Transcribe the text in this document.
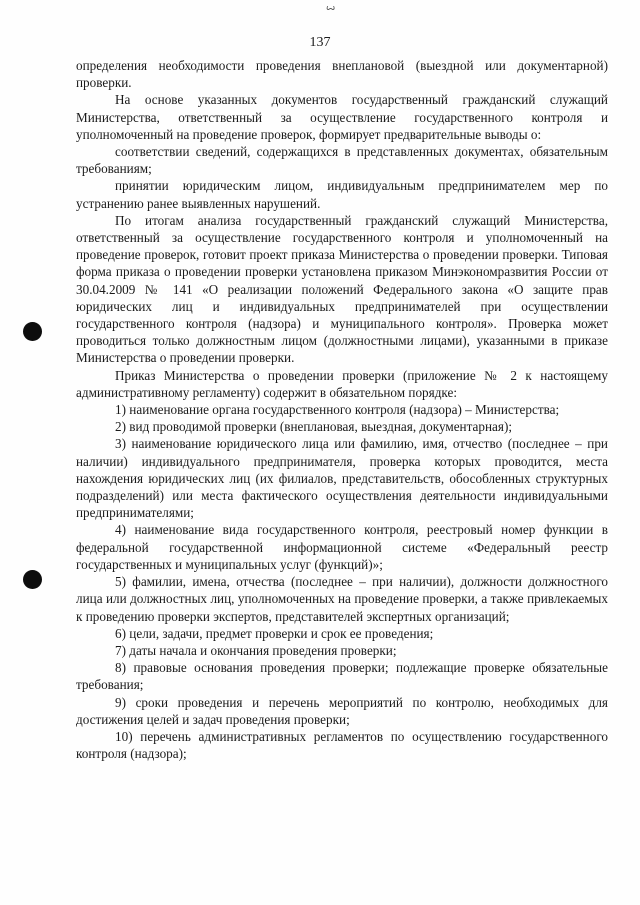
ꙍ
137

определения необходимости проведения внеплановой (выездной или документарной) проверки.

На основе указанных документов государственный гражданский служащий Министерства, ответственный за осуществление государственного контроля и уполномоченный на проведение проверок, формирует предварительные выводы о:

соответствии сведений, содержащихся в представленных документах, обязательным требованиям;

принятии юридическим лицом, индивидуальным предпринимателем мер по устранению ранее выявленных нарушений.

По итогам анализа государственный гражданский служащий Министерства, ответственный за осуществление государственного контроля и уполномоченный на проведение проверок, готовит проект приказа Министерства о проведении проверки. Типовая форма приказа о проведении проверки установлена приказом Минэкономразвития России от 30.04.2009 № 141 «О реализации положений Федерального закона «О защите прав юридических лиц и индивидуальных предпринимателей при осуществлении государственного контроля (надзора) и муниципального контроля». Проверка может проводиться только должностным лицом (должностными лицами), указанными в приказе Министерства о проведении проверки.

Приказ Министерства о проведении проверки (приложение № 2 к настоящему административному регламенту) содержит в обязательном порядке:

1) наименование органа государственного контроля (надзора) – Министерства;

2) вид проводимой проверки (внеплановая, выездная, документарная);

3) наименование юридического лица или фамилию, имя, отчество (последнее – при наличии) индивидуального предпринимателя, проверка которых проводится, места нахождения юридических лиц (их филиалов, представительств, обособленных структурных подразделений) или места фактического осуществления деятельности индивидуальными предпринимателями;

4) наименование вида государственного контроля, реестровый номер функции в федеральной государственной информационной системе «Федеральный реестр государственных и муниципальных услуг (функций)»;

5) фамилии, имена, отчества (последнее – при наличии), должности должностного лица или должностных лиц, уполномоченных на проведение проверки, а также привлекаемых к проведению проверки экспертов, представителей экспертных организаций;

6) цели, задачи, предмет проверки и срок ее проведения;

7) даты начала и окончания проведения проверки;

8) правовые основания проведения проверки; подлежащие проверке обязательные требования;

9) сроки проведения и перечень мероприятий по контролю, необходимых для достижения целей и задач проведения проверки;

10) перечень административных регламентов по осуществлению государственного контроля (надзора);
